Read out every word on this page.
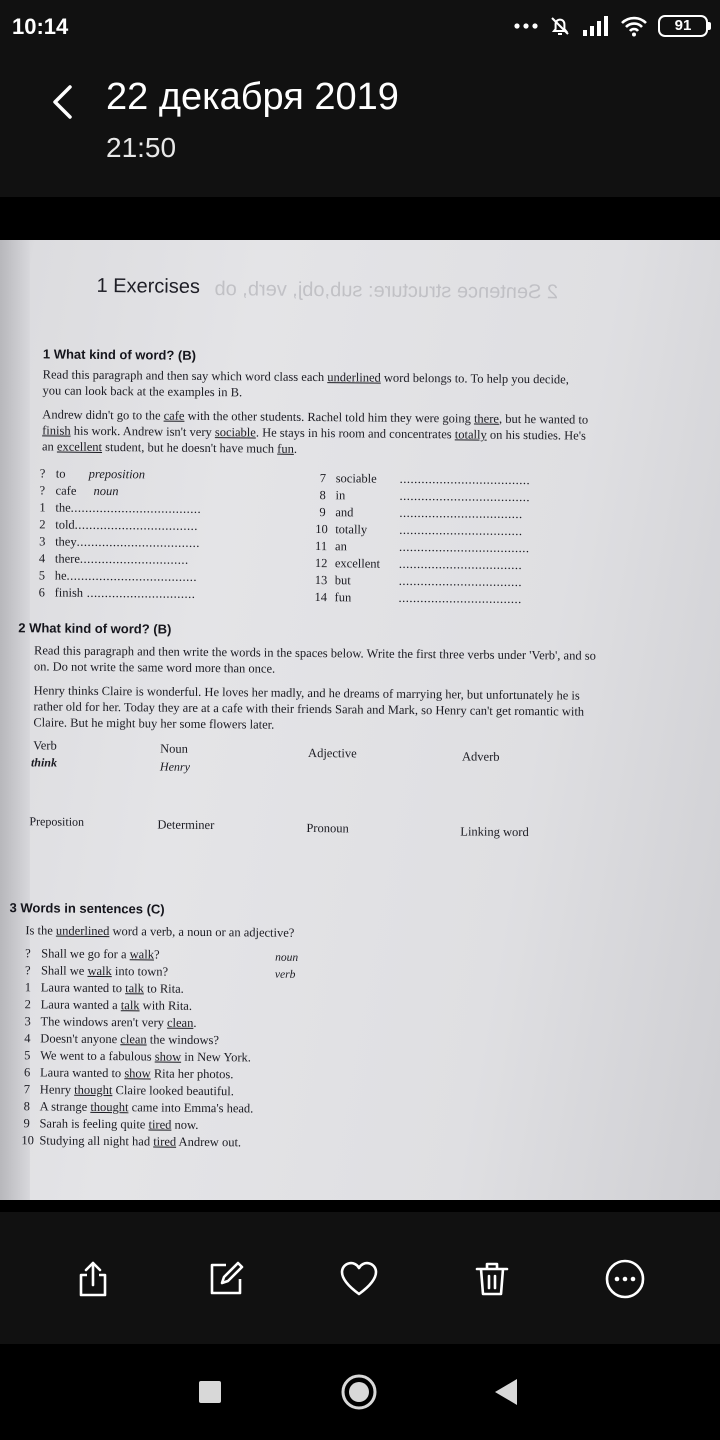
10:14	91
22 декабря 2019
21:50
1 Exercises 2 Sentence structure: sub,obj, verb, ob
1 What kind of word? (B)
Read this paragraph and then say which word class each underlined word belongs to. To help you decide, you can look back at the examples in B.
Andrew didn't go to the cafe with the other students. Rachel told him they were going there, but he wanted to finish his work. Andrew isn't very sociable. He stays in his room and concentrates totally on his studies. He's an excellent student, but he doesn't have much fun.
? to preposition
? cafe noun
1 the....................................
2 told..................................
3 they..................................
4 there..............................
5 he....................................
6 finish ..............................
7 sociable ....................................
8 in	....................................
9 and	..................................
10 totally	..................................
11 an	....................................
12 excellent ..................................
13 but	..................................
14 fun	..................................
2 What kind of word? (B)
Read this paragraph and then write the words in the spaces below. Write the first three verbs under 'Verb', and so on. Do not write the same word more than once.
Henry thinks Claire is wonderful. He loves her madly, and he dreams of marrying her, but unfortunately he is rather old for her. Today they are at a cafe with their friends Sarah and Mark, so Henry can't get romantic with Claire. But he might buy her some flowers later.
Verb	Noun	Adjective	Adverb
think	Henry
Preposition	Determiner	Pronoun	Linking word
3 Words in sentences (C)
Is the underlined word a verb, a noun or an adjective?
? Shall we go for a walk?	noun
? Shall we walk into town?	verb
1 Laura wanted to talk to Rita.
2 Laura wanted a talk with Rita.
3 The windows aren't very clean.
4 Doesn't anyone clean the windows?
5 We went to a fabulous show in New York.
6 Laura wanted to show Rita her photos.
7 Henry thought Claire looked beautiful.
8 A strange thought came into Emma's head.
9 Sarah is feeling quite tired now.
10 Studying all night had tired Andrew out.
